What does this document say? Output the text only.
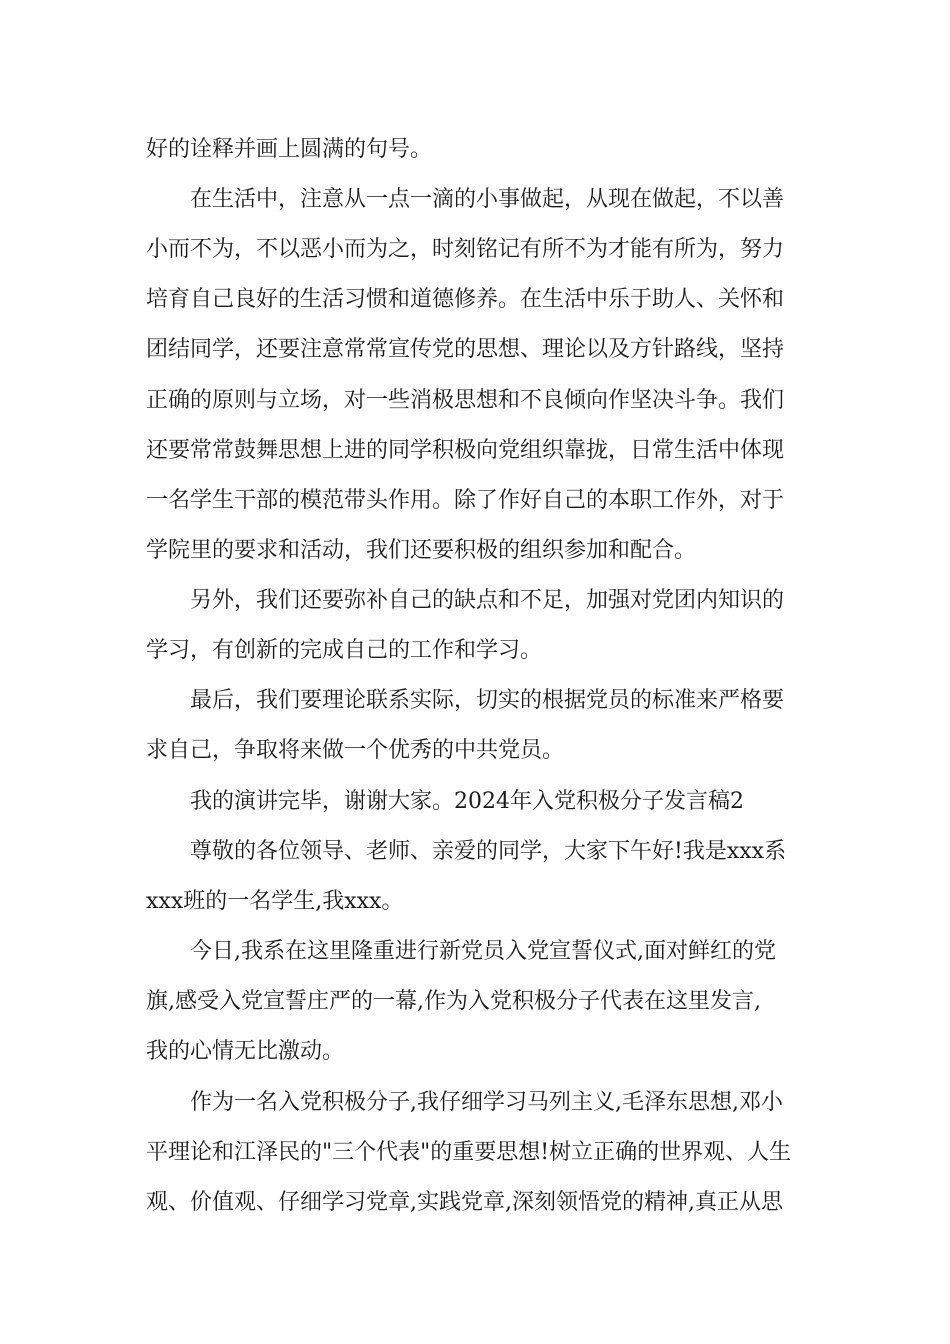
好的诠释并画上圆满的句号。
在生活中，注意从一点一滴的小事做起，从现在做起，不以善
小而不为，不以恶小而为之，时刻铭记有所不为才能有所为，努力
培育自己良好的生活习惯和道德修养。在生活中乐于助人、关怀和
团结同学，还要注意常常宣传党的思想、理论以及方针路线，坚持
正确的原则与立场，对一些消极思想和不良倾向作坚决斗争。我们
还要常常鼓舞思想上进的同学积极向党组织靠拢，日常生活中体现
一名学生干部的模范带头作用。除了作好自己的本职工作外，对于
学院里的要求和活动，我们还要积极的组织参加和配合。
另外，我们还要弥补自己的缺点和不足，加强对党团内知识的
学习，有创新的完成自己的工作和学习。
最后，我们要理论联系实际，切实的根据党员的标准来严格要
求自己，争取将来做一个优秀的中共党员。
我的演讲完毕，谢谢大家。2024年入党积极分子发言稿2
尊敬的各位领导、老师、亲爱的同学，大家下午好!我是xxx系
xxx班的一名学生,我xxx。
今日,我系在这里隆重进行新党员入党宣誓仪式,面对鲜红的党
旗,感受入党宣誓庄严的一幕,作为入党积极分子代表在这里发言,
我的心情无比激动。
作为一名入党积极分子,我仔细学习马列主义,毛泽东思想,邓小
平理论和江泽民的"三个代表"的重要思想!树立正确的世界观、人生
观、价值观、仔细学习党章,实践党章,深刻领悟党的精神,真正从思
